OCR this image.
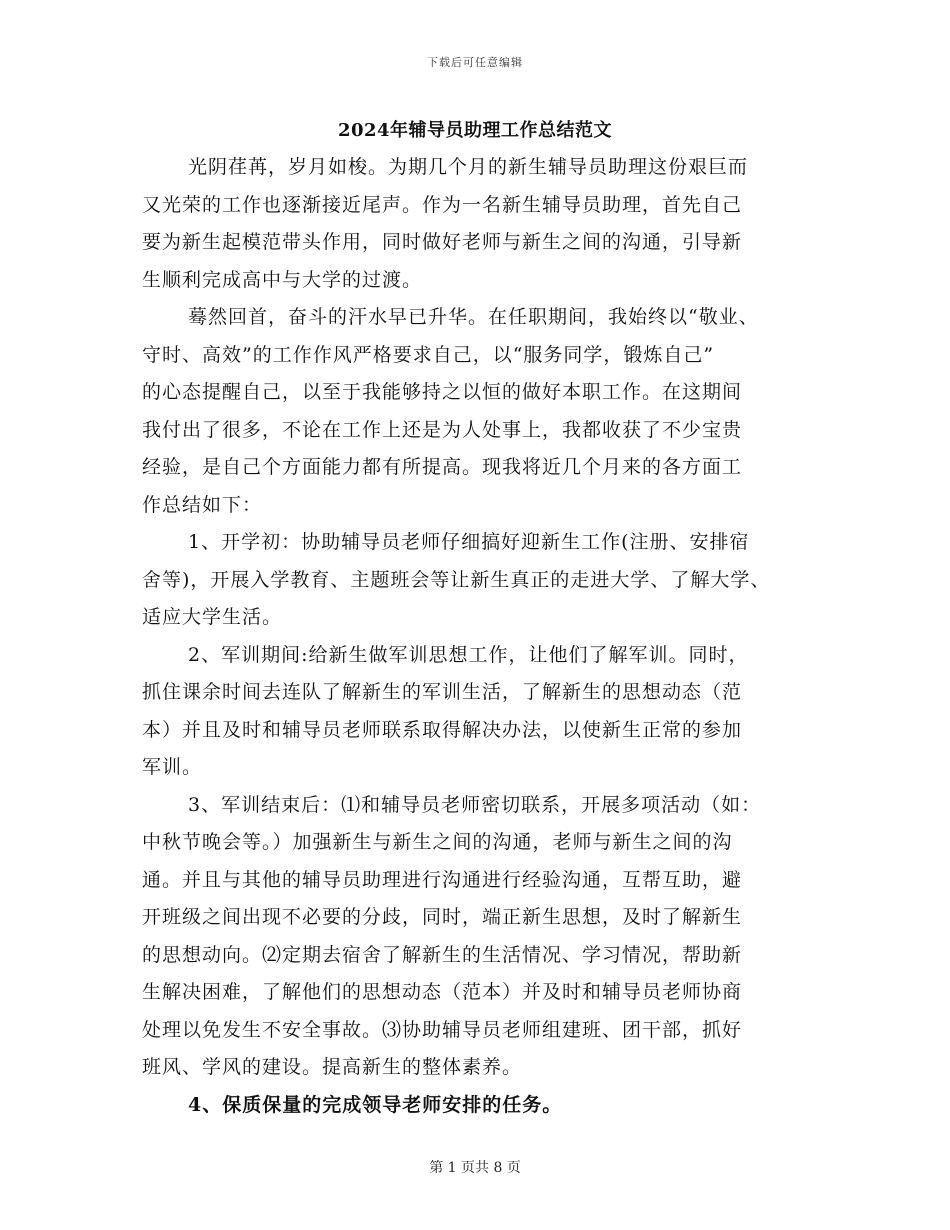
下载后可任意编辑
2024年辅导员助理工作总结范文
光阴荏苒，岁月如梭。为期几个月的新生辅导员助理这份艰巨而
又光荣的工作也逐渐接近尾声。作为一名新生辅导员助理，首先自己
要为新生起模范带头作用，同时做好老师与新生之间的沟通，引导新
生顺利完成高中与大学的过渡。
蓦然回首，奋斗的汗水早已升华。在任职期间，我始终以“敬业、
守时、高效”的工作作风严格要求自己，以“服务同学，锻炼自己”
的心态提醒自己，以至于我能够持之以恒的做好本职工作。在这期间
我付出了很多，不论在工作上还是为人处事上，我都收获了不少宝贵
经验，是自己个方面能力都有所提高。现我将近几个月来的各方面工
作总结如下：
1、开学初：协助辅导员老师仔细搞好迎新生工作(注册、安排宿
舍等)，开展入学教育、主题班会等让新生真正的走进大学、了解大学、
适应大学生活。
2、军训期间:给新生做军训思想工作，让他们了解军训。同时，
抓住课余时间去连队了解新生的军训生活，了解新生的思想动态（范
本）并且及时和辅导员老师联系取得解决办法，以使新生正常的参加
军训。
3、军训结束后：⑴和辅导员老师密切联系，开展多项活动（如：
中秋节晚会等。）加强新生与新生之间的沟通，老师与新生之间的沟
通。并且与其他的辅导员助理进行沟通进行经验沟通，互帮互助，避
开班级之间出现不必要的分歧，同时，端正新生思想，及时了解新生
的思想动向。⑵定期去宿舍了解新生的生活情况、学习情况，帮助新
生解决困难，了解他们的思想动态（范本）并及时和辅导员老师协商
处理以免发生不安全事故。⑶协助辅导员老师组建班、团干部，抓好
班风、学风的建设。提高新生的整体素养。
4、保质保量的完成领导老师安排的任务。
第 1 页共 8 页
